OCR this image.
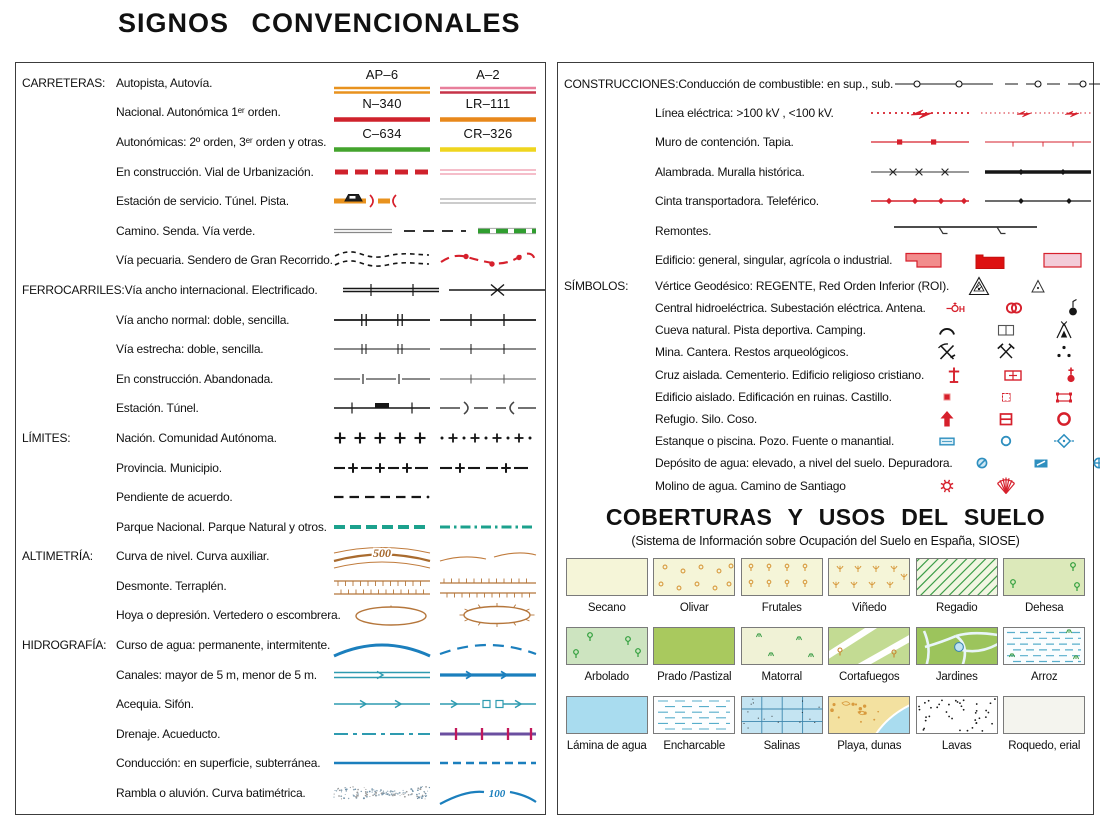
SIGNOS CONVENCIONALES
CARRETERAS: Autopista, Autovía.
AP–6	A–2
Nacional. Autonómica 1ᵉʳ orden.
N–340	LR–111
Autonómicas: 2º orden, 3ᵉʳ orden y otras.
C–634	CR–326
En construcción. Vial de Urbanización.
Estación de servicio. Túnel. Pista.
Camino. Senda. Vía verde.
Vía pecuaria. Sendero de Gran Recorrido.
FERROCARRILES: Vía ancho internacional. Electrificado.
Vía ancho normal: doble, sencilla.
Vía estrecha: doble, sencilla.
En construcción. Abandonada.
Estación. Túnel.
LÍMITES:	Nación. Comunidad Autónoma.
Provincia. Municipio.
Pendiente de acuerdo.
Parque Nacional. Parque Natural y otros.
ALTIMETRÍA:	Curva de nivel. Curva auxiliar.	500
Desmonte. Terraplén.
Hoya o depresión. Vertedero o escombrera.
HIDROGRAFÍA: Curso de agua: permanente, intermitente.
Canales: mayor de 5 m, menor de 5 m.
Acequia. Sifón.
Drenaje. Acueducto.
Conducción: en superficie, subterránea.
Rambla o aluvión. Curva batimétrica.	100
CONSTRUCCIONES: Conducción de combustible: en sup., sub.
Línea eléctrica: >100 kV , <100 kV.
Muro de contención. Tapia.
Alambrada. Muralla histórica.
Cinta transportadora. Teleférico.
Remontes.
Edificio: general, singular, agrícola o industrial.
SÍMBOLOS:	Vértice Geodésico: REGENTE, Red Orden Inferior (ROI).
Central hidroeléctrica. Subestación eléctrica. Antena.	H
Cueva natural. Pista deportiva. Camping.
Mina. Cantera. Restos arqueológicos.
Cruz aislada. Cementerio. Edificio religioso cristiano.
Edificio aislado. Edificación en ruinas. Castillo.
Refugio. Silo. Coso.
Estanque o piscina. Pozo. Fuente o manantial.
Depósito de agua: elevado, a nivel del suelo. Depuradora.
Molino de agua. Camino de Santiago
COBERTURAS Y USOS DEL SUELO
(Sistema de Información sobre Ocupación del Suelo en España, SIOSE)
Secano	Olivar	Frutales	Viñedo	Regadio	Dehesa
Arbolado	Prado /Pastizal	Matorral	Cortafuegos	Jardines	Arroz
Lámina de agua	Encharcable	Salinas	Playa, dunas	Lavas	Roquedo, erial
